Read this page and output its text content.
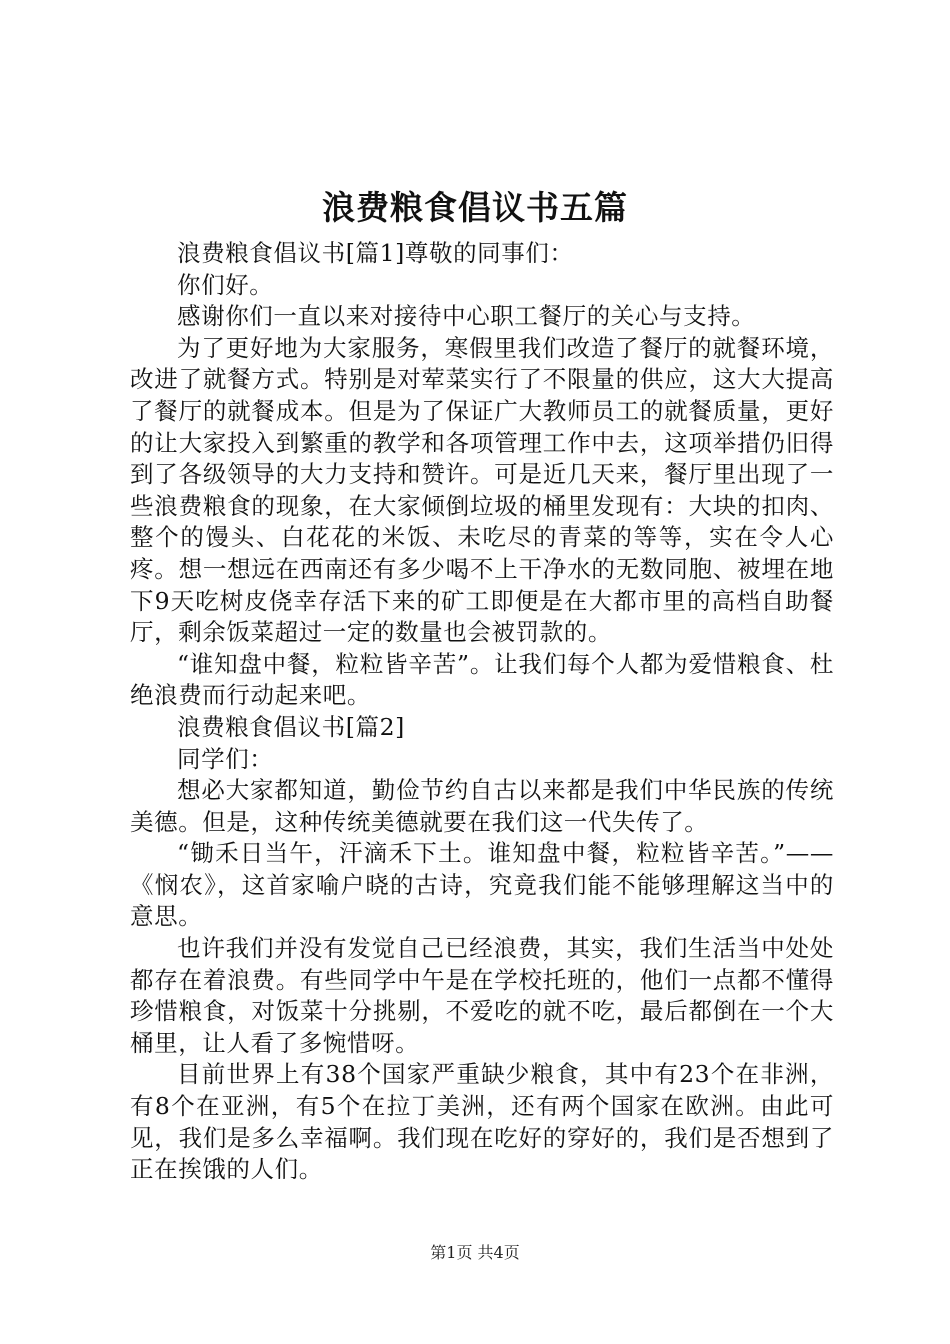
浪费粮食倡议书五篇

浪费粮食倡议书[篇1]尊敬的同事们：

你们好。

感谢你们一直以来对接待中心职工餐厅的关心与支持。

为了更好地为大家服务，寒假里我们改造了餐厅的就餐环境，改进了就餐方式。特别是对荤菜实行了不限量的供应，这大大提高了餐厅的就餐成本。但是为了保证广大教师员工的就餐质量，更好的让大家投入到繁重的教学和各项管理工作中去，这项举措仍旧得到了各级领导的大力支持和赞许。可是近几天来，餐厅里出现了一些浪费粮食的现象，在大家倾倒垃圾的桶里发现有：大块的扣肉、整个的馒头、白花花的米饭、未吃尽的青菜的等等，实在令人心疼。想一想远在西南还有多少喝不上干净水的无数同胞、被埋在地下9天吃树皮侥幸存活下来的矿工即便是在大都市里的高档自助餐厅，剩余饭菜超过一定的数量也会被罚款的。

“谁知盘中餐，粒粒皆辛苦”。让我们每个人都为爱惜粮食、杜绝浪费而行动起来吧。

浪费粮食倡议书[篇2]

同学们：

想必大家都知道，勤俭节约自古以来都是我们中华民族的传统美德。但是，这种传统美德就要在我们这一代失传了。

“锄禾日当午，汗滴禾下土。谁知盘中餐，粒粒皆辛苦。”——《悯农》，这首家喻户晓的古诗，究竟我们能不能够理解这当中的意思。

也许我们并没有发觉自己已经浪费，其实，我们生活当中处处都存在着浪费。有些同学中午是在学校托班的，他们一点都不懂得珍惜粮食，对饭菜十分挑剔，不爱吃的就不吃，最后都倒在一个大桶里，让人看了多惋惜呀。

目前世界上有38个国家严重缺少粮食，其中有23个在非洲，有8个在亚洲，有5个在拉丁美洲，还有两个国家在欧洲。由此可见，我们是多么幸福啊。我们现在吃好的穿好的，我们是否想到了正在挨饿的人们。

第1页 共4页
